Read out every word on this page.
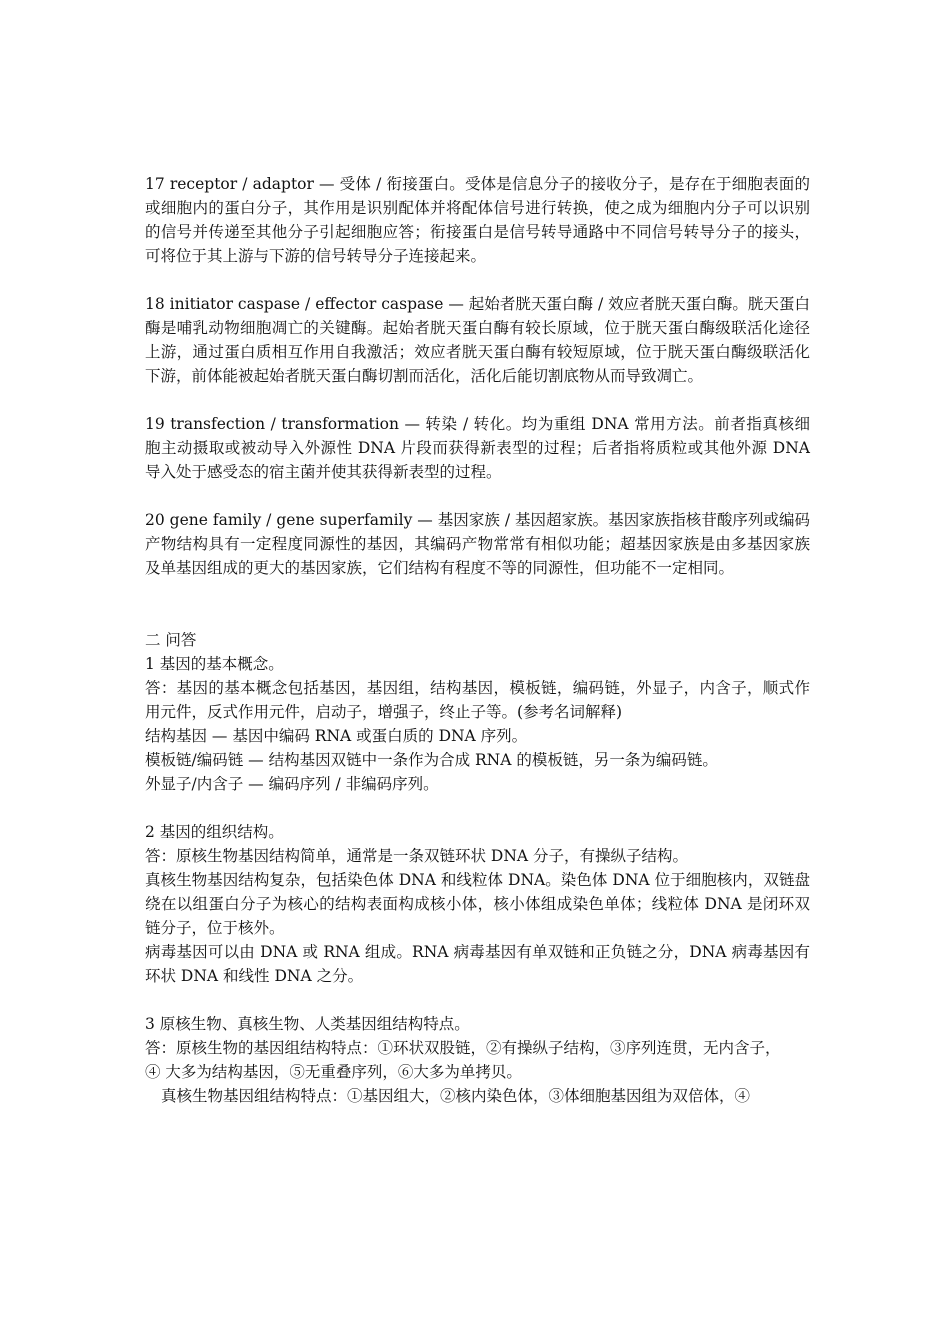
17 receptor / adaptor — 受体 / 衔接蛋白。受体是信息分子的接收分子，是存在于细胞表面的或细胞内的蛋白分子，其作用是识别配体并将配体信号进行转换，使之成为细胞内分子可以识别的信号并传递至其他分子引起细胞应答；衔接蛋白是信号转导通路中不同信号转导分子的接头，可将位于其上游与下游的信号转导分子连接起来。

18 initiator caspase / effector caspase — 起始者胱天蛋白酶 / 效应者胱天蛋白酶。胱天蛋白酶是哺乳动物细胞凋亡的关键酶。起始者胱天蛋白酶有较长原域，位于胱天蛋白酶级联活化途径上游，通过蛋白质相互作用自我激活；效应者胱天蛋白酶有较短原域，位于胱天蛋白酶级联活化下游，前体能被起始者胱天蛋白酶切割而活化，活化后能切割底物从而导致凋亡。

19 transfection / transformation — 转染 / 转化。均为重组 DNA 常用方法。前者指真核细胞主动摄取或被动导入外源性 DNA 片段而获得新表型的过程；后者指将质粒或其他外源 DNA 导入处于感受态的宿主菌并使其获得新表型的过程。

20 gene family / gene superfamily — 基因家族 / 基因超家族。基因家族指核苷酸序列或编码产物结构具有一定程度同源性的基因，其编码产物常常有相似功能；超基因家族是由多基因家族及单基因组成的更大的基因家族，它们结构有程度不等的同源性，但功能不一定相同。

二 问答

1 基因的基本概念。

答：基因的基本概念包括基因，基因组，结构基因，模板链，编码链，外显子，内含子，顺式作用元件，反式作用元件，启动子，增强子，终止子等。(参考名词解释)

结构基因 — 基因中编码 RNA 或蛋白质的 DNA 序列。

模板链/编码链 — 结构基因双链中一条作为合成 RNA 的模板链，另一条为编码链。

外显子/内含子 — 编码序列 / 非编码序列。

2 基因的组织结构。

答：原核生物基因结构简单，通常是一条双链环状 DNA 分子，有操纵子结构。

真核生物基因结构复杂，包括染色体 DNA 和线粒体 DNA。染色体 DNA 位于细胞核内，双链盘绕在以组蛋白分子为核心的结构表面构成核小体，核小体组成染色单体；线粒体 DNA 是闭环双链分子，位于核外。

病毒基因可以由 DNA 或 RNA 组成。RNA 病毒基因有单双链和正负链之分，DNA 病毒基因有环状 DNA 和线性 DNA 之分。

3 原核生物、真核生物、人类基因组结构特点。

答：原核生物的基因组结构特点：①环状双股链，②有操纵子结构，③序列连贯，无内含子，

④ 大多为结构基因，⑤无重叠序列，⑥大多为单拷贝。

真核生物基因组结构特点：①基因组大，②核内染色体，③体细胞基因组为双倍体，④
